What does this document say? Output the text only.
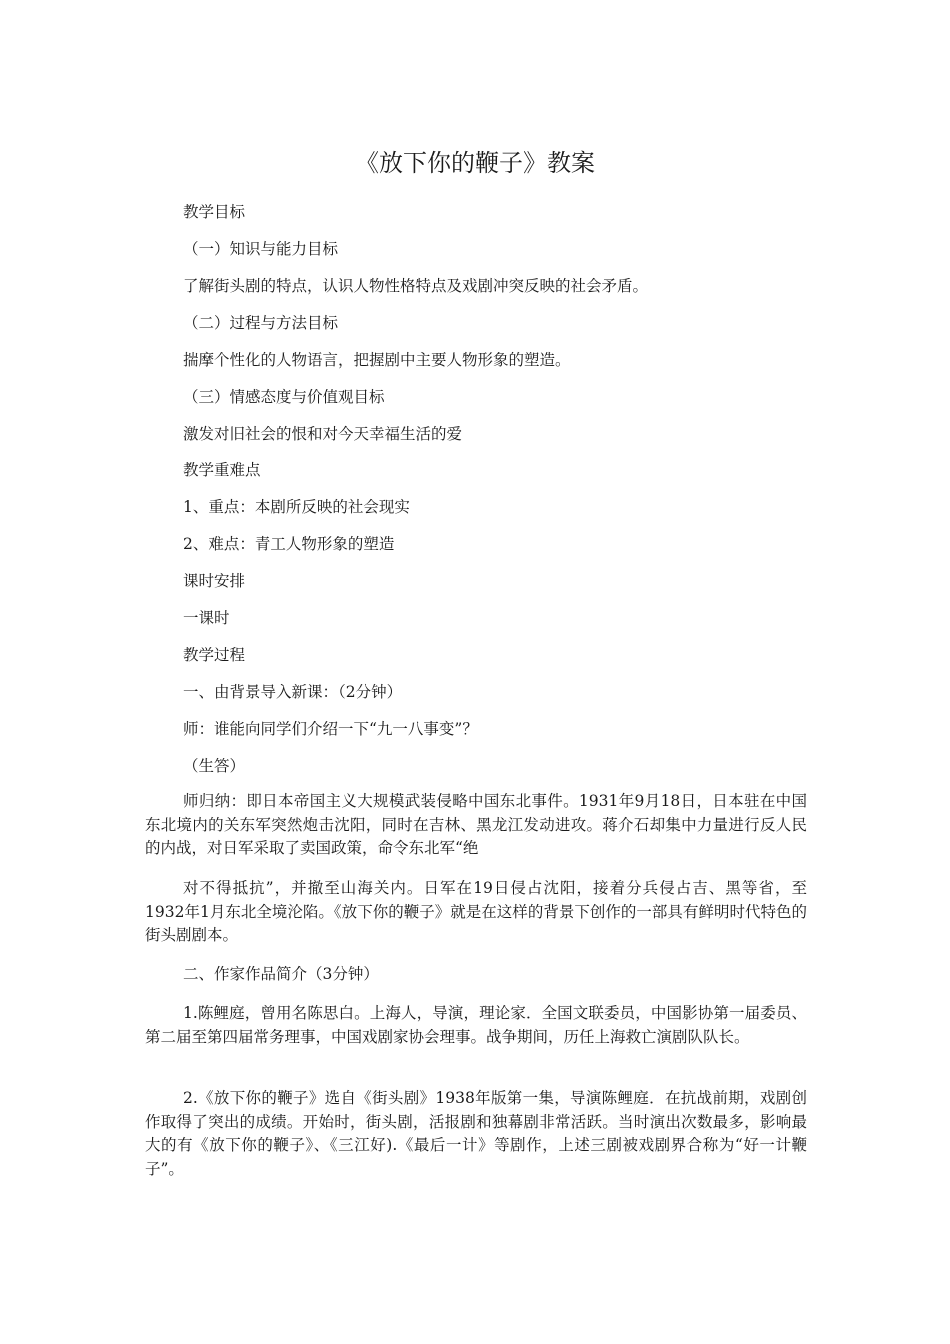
《放下你的鞭子》教案

教学目标

（一）知识与能力目标

了解街头剧的特点，认识人物性格特点及戏剧冲突反映的社会矛盾。

（二）过程与方法目标

揣摩个性化的人物语言，把握剧中主要人物形象的塑造。

（三）情感态度与价值观目标

激发对旧社会的恨和对今天幸福生活的爱

教学重难点

1、重点：本剧所反映的社会现实

2、难点：青工人物形象的塑造

课时安排

一课时

教学过程

一、由背景导入新课：（2分钟）

师：谁能向同学们介绍一下“九一八事变”？

（生答）

师归纳：即日本帝国主义大规模武装侵略中国东北事件。1931年9月18日，日本驻在中国东北境内的关东军突然炮击沈阳，同时在吉林、黑龙江发动进攻。蒋介石却集中力量进行反人民的内战，对日军采取了卖国政策，命令东北军“绝

对不得抵抗”，并撤至山海关内。日军在19日侵占沈阳，接着分兵侵占吉、黑等省，至1932年1月东北全境沦陷。《放下你的鞭子》就是在这样的背景下创作的一部具有鲜明时代特色的街头剧剧本。

二、作家作品简介（3分钟）

1.陈鲤庭，曾用名陈思白。上海人，导演，理论家．全国文联委员，中国影协第一届委员、第二届至第四届常务理事，中国戏剧家协会理事。战争期间，历任上海救亡演剧队队长。

2.《放下你的鞭子》选自《街头剧》1938年版第一集，导演陈鲤庭．在抗战前期，戏剧创作取得了突出的成绩。开始时，街头剧，活报剧和独幕剧非常活跃。当时演出次数最多，影响最大的有《放下你的鞭子》、《三江好).《最后一计》等剧作，上述三剧被戏剧界合称为“好一计鞭子”。
